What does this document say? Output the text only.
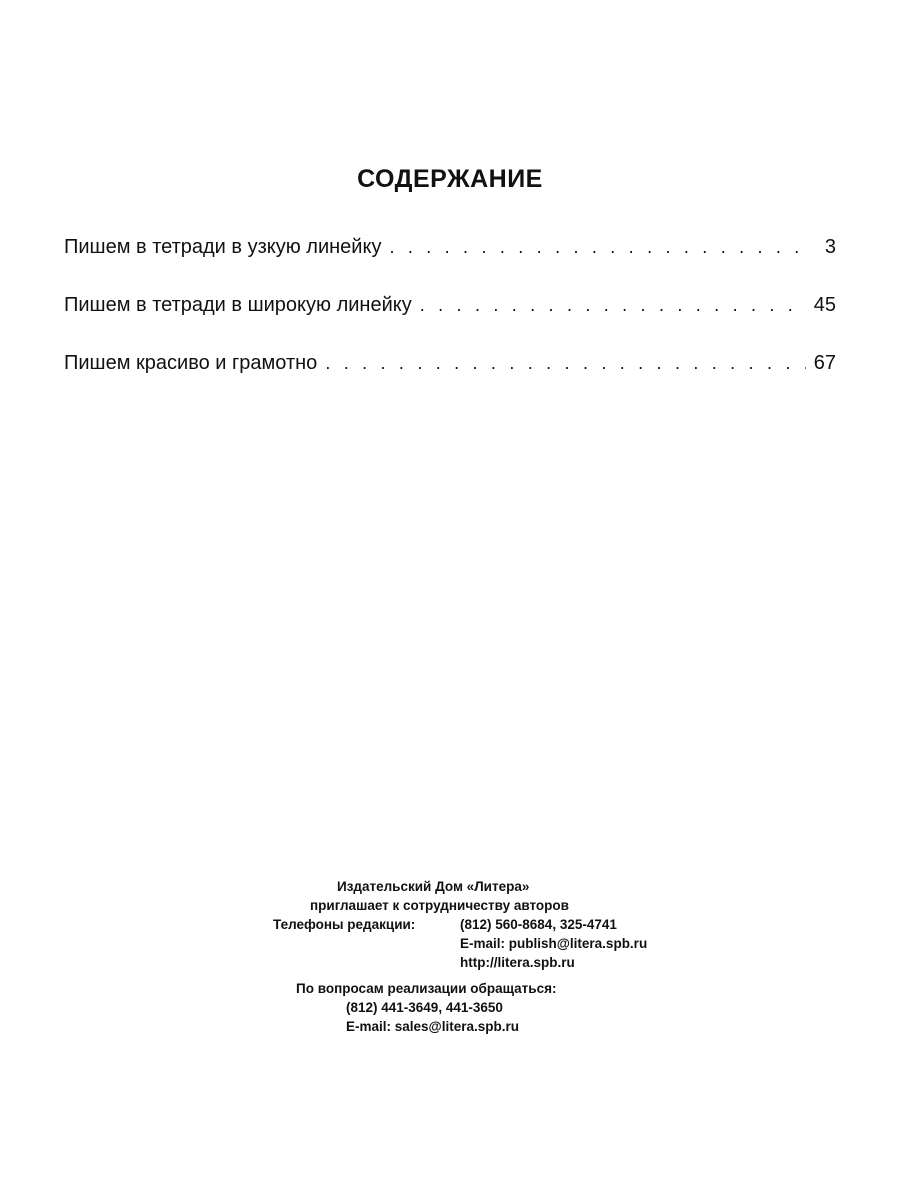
СОДЕРЖАНИЕ
Пишем в тетради в узкую линейку . . .	3
Пишем в тетради в широкую линейку . . .	45
Пишем красиво и грамотно . . .	67
Издательский Дом «Литера»
приглашает к сотрудничеству авторов
Телефоны редакции:	(812) 560-8684, 325-4741
E-mail: publish@litera.spb.ru
http://litera.spb.ru
По вопросам реализации обращаться:
(812) 441-3649, 441-3650
E-mail: sales@litera.spb.ru
